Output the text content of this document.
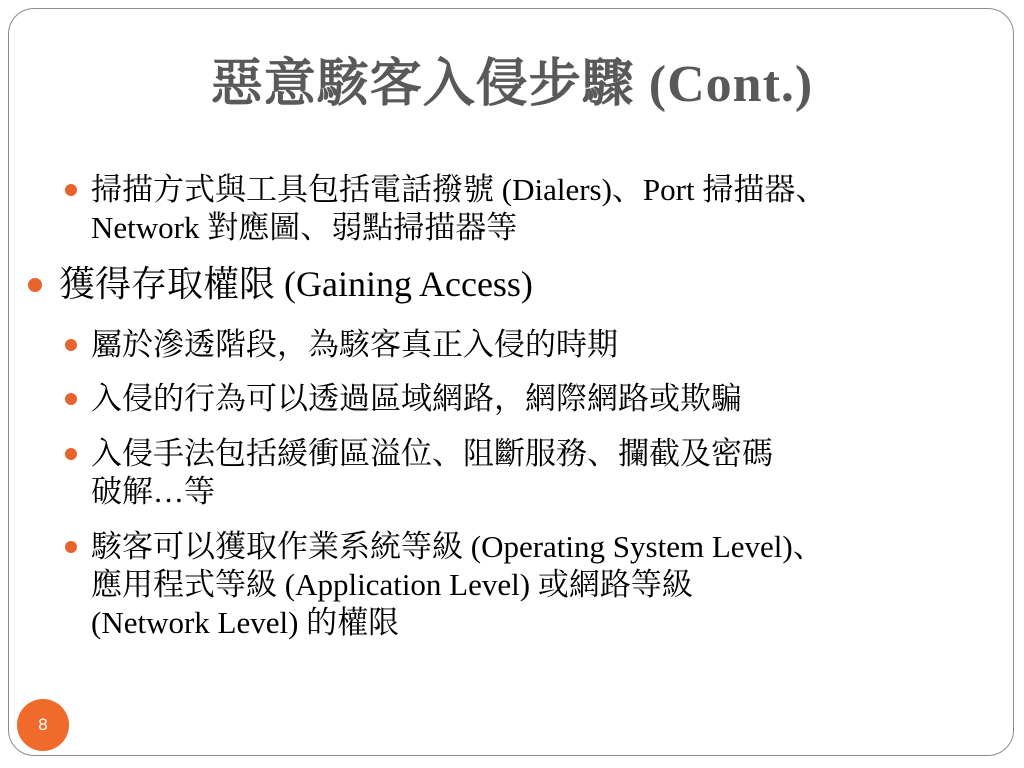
惡意駭客入侵步驟 (Cont.)
掃描方式與工具包括電話撥號 (Dialers)、Port 掃描器、
Network 對應圖、弱點掃描器等
獲得存取權限 (Gaining Access)
屬於滲透階段，為駭客真正入侵的時期
入侵的行為可以透過區域網路，網際網路或欺騙
入侵手法包括緩衝區溢位、阻斷服務、攔截及密碼
破解…等
駭客可以獲取作業系統等級 (Operating System Level)、
應用程式等級 (Application Level) 或網路等級
(Network Level) 的權限
8
